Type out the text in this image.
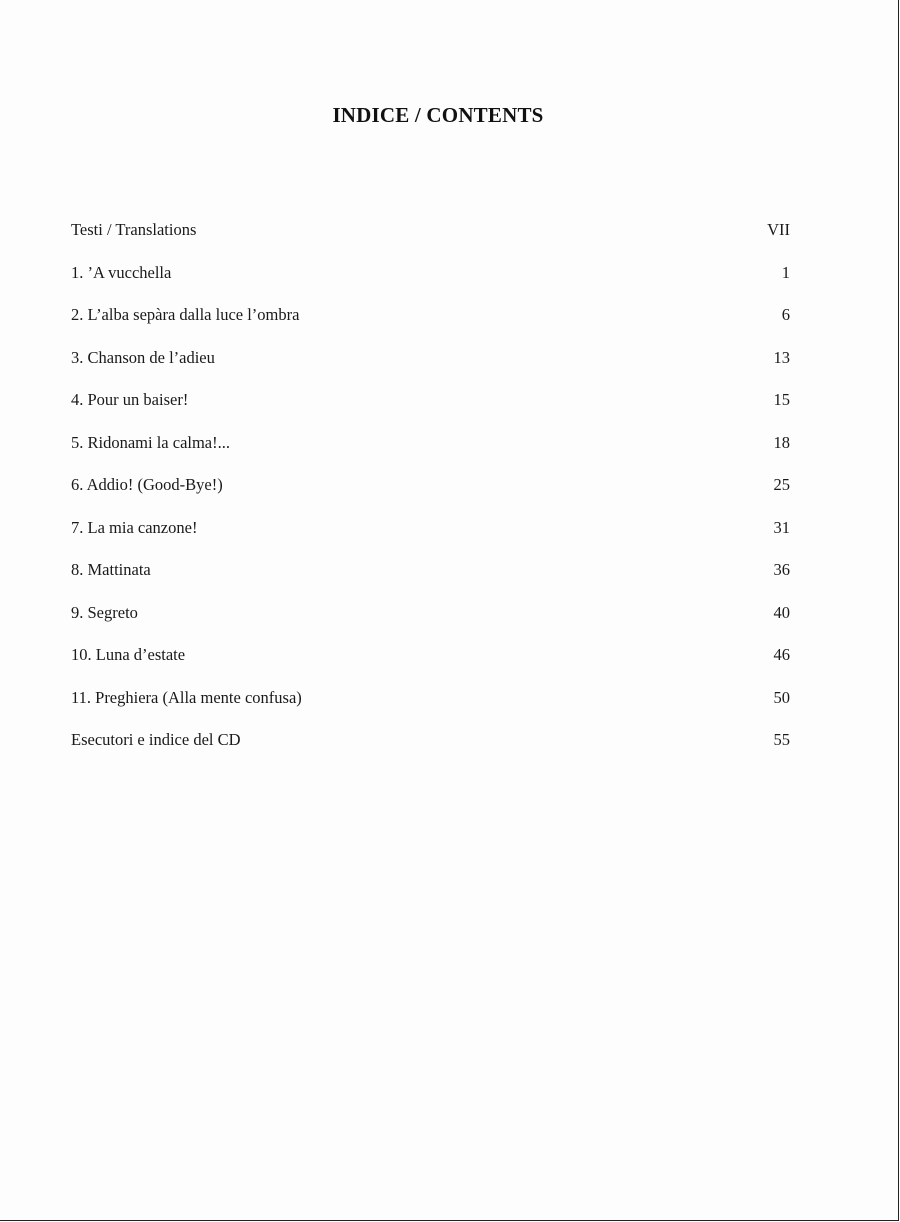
INDICE / CONTENTS
Testi / Translations	VII
1. ’A vucchella	1
2. L’alba sepàra dalla luce l’ombra	6
3. Chanson de l’adieu	13
4. Pour un baiser!	15
5. Ridonami la calma!...	18
6. Addio! (Good-Bye!)	25
7. La mia canzone!	31
8. Mattinata	36
9. Segreto	40
10. Luna d’estate	46
11. Preghiera (Alla mente confusa)	50
Esecutori e indice del CD	55
